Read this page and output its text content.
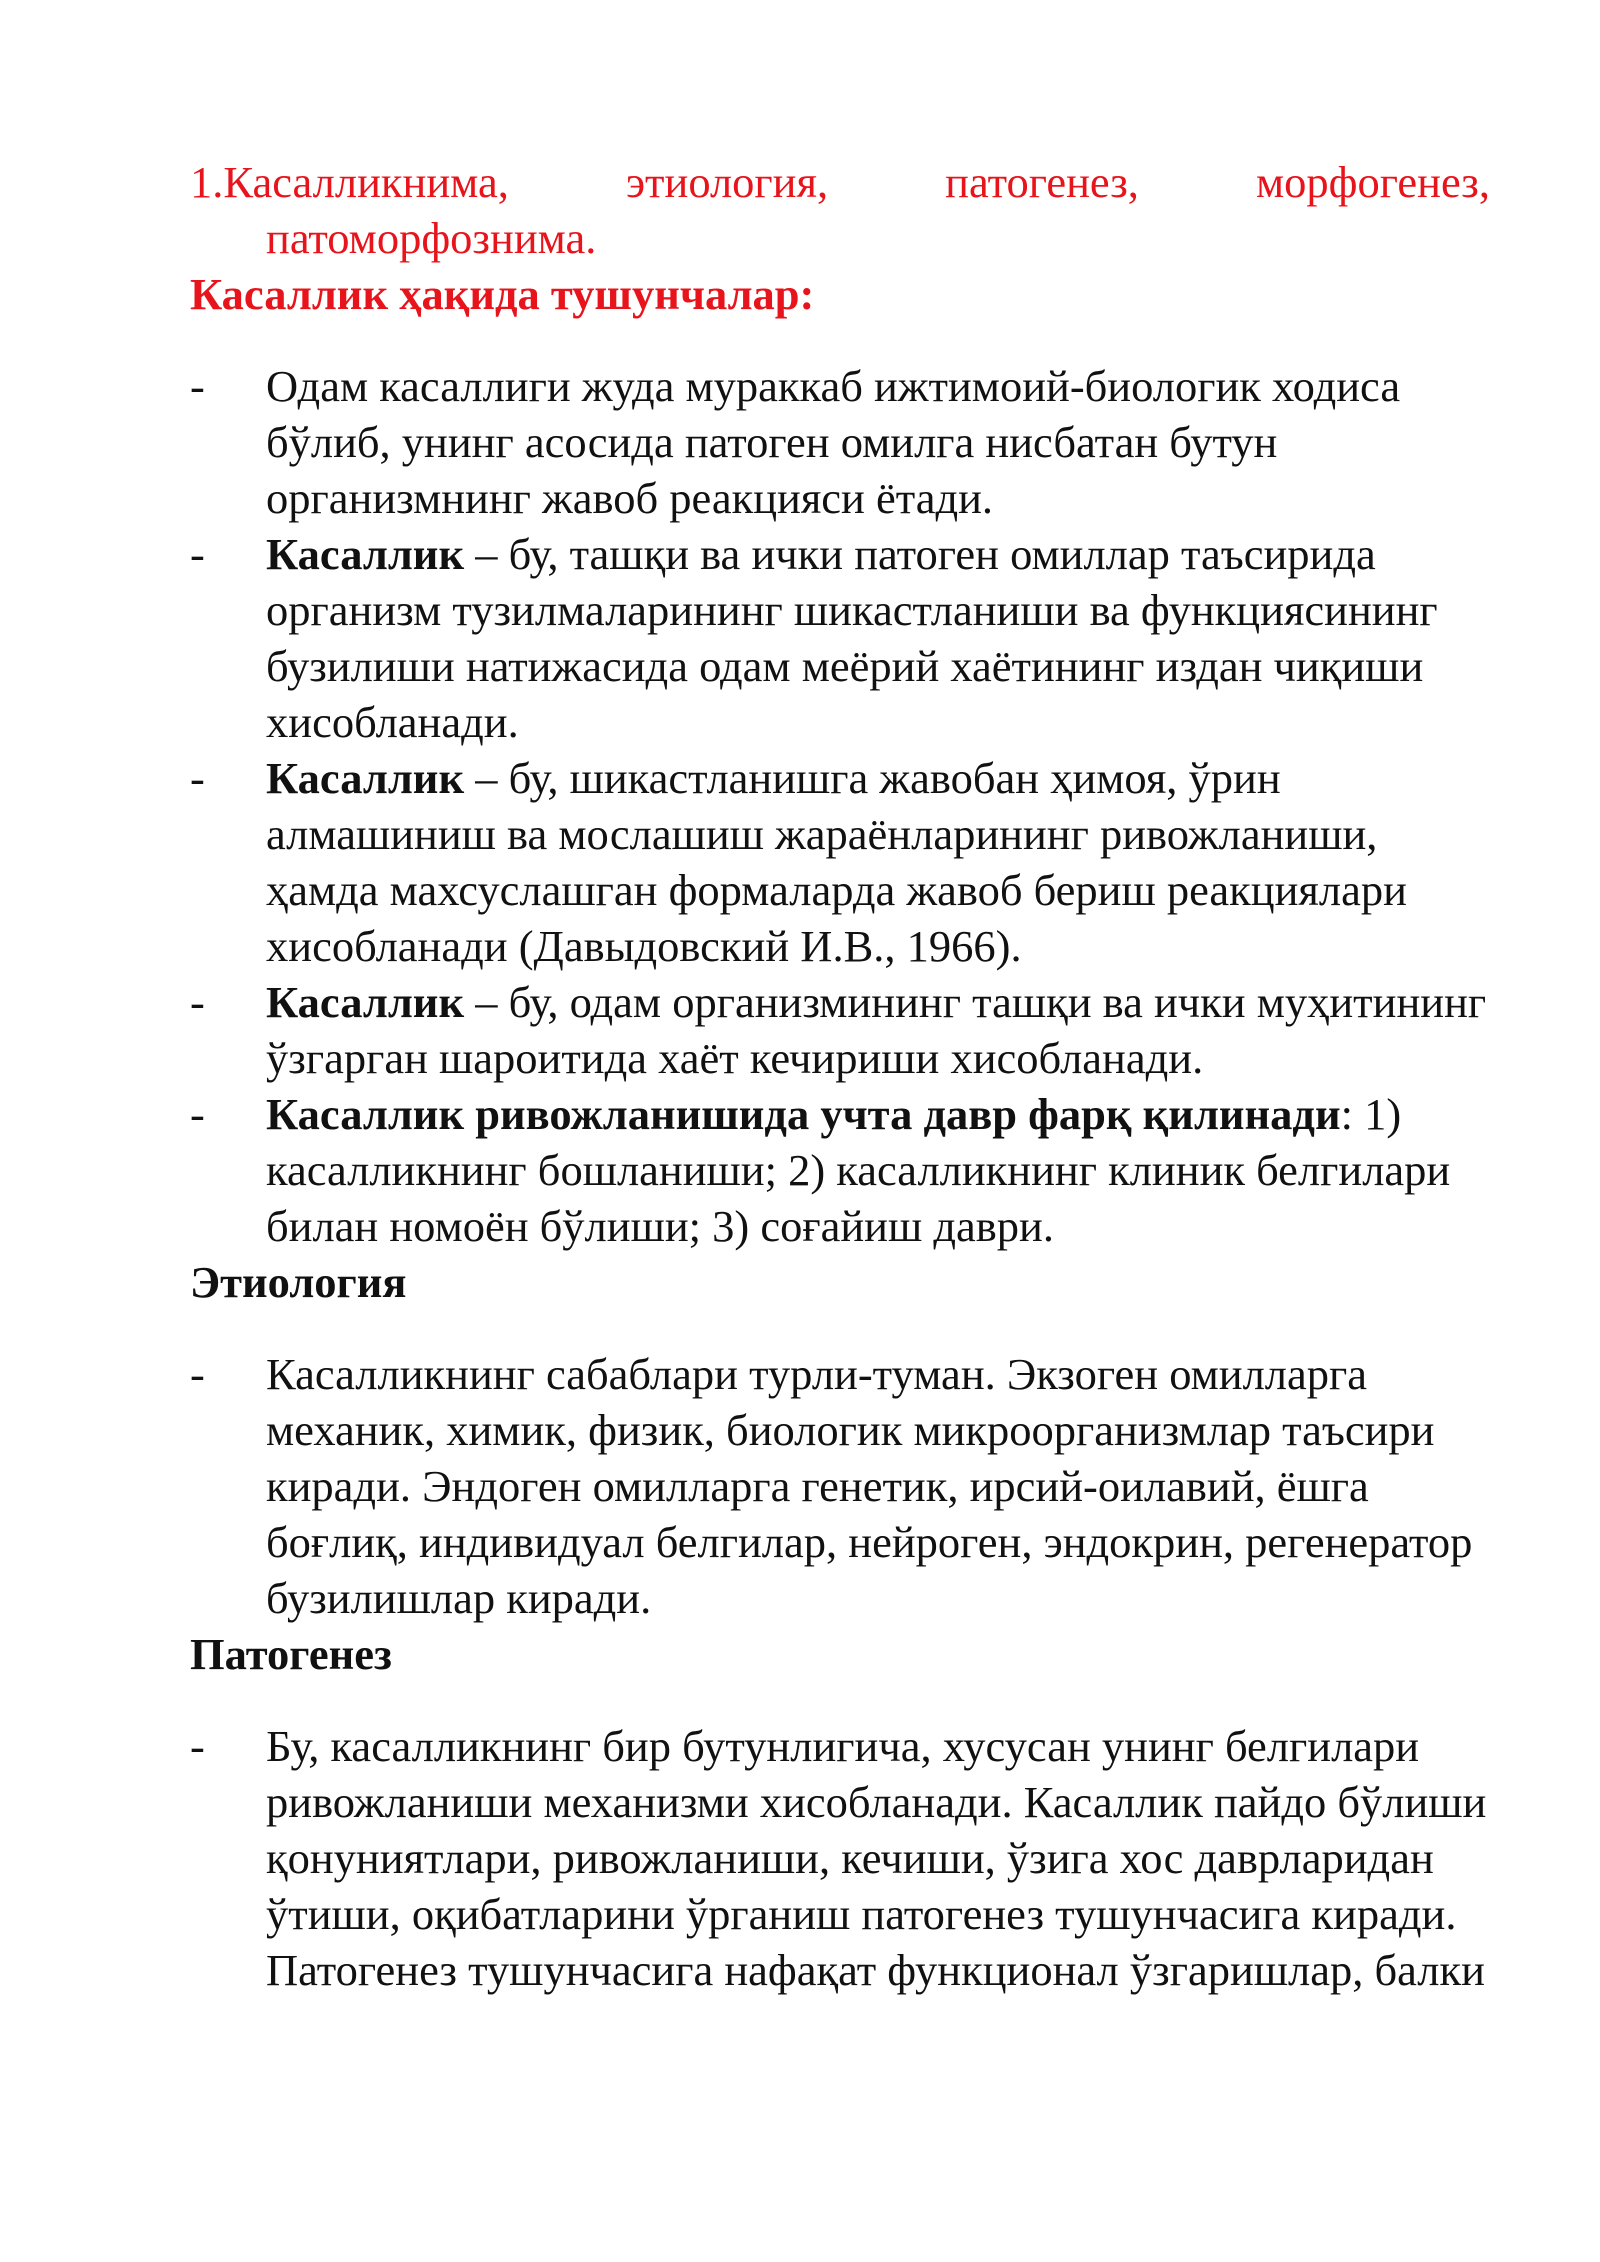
1.Касалликнима,	этиология,	патогенез,	морфогенез,
патоморфознима.
Касаллик ҳақида тушунчалар:
-	Одам касаллиги жуда мураккаб ижтимоий-биологик ходиса бўлиб, унинг асосида патоген омилга нисбатан бутун организмнинг жавоб реакцияси ётади.
-	Касаллик – бу, ташқи ва ички патоген омиллар таъсирида организм тузилмаларининг шикастланиши ва функциясининг бузилиши натижасида одам меёрий хаётининг издан чиқиши хисобланади.
-	Касаллик – бу, шикастланишга жавобан ҳимоя, ўрин алмашиниш ва мослашиш жараёнларининг ривожланиши, ҳамда махсуслашган формаларда жавоб бериш реакциялари хисобланади (Давыдовский И.В., 1966).
-	Касаллик – бу, одам организмининг ташқи ва ички муҳитининг ўзгарган шароитида хаёт кечириши хисобланади.
-	Касаллик ривожланишида учта давр фарқ қилинади: 1) касалликнинг бошланиши; 2) касалликнинг клиник белгилари билан номоён бўлиши; 3) соғайиш даври.
Этиология
-	Касалликнинг сабаблари турли-туман. Экзоген омилларга механик, химик, физик, биологик микроорганизмлар таъсири киради. Эндоген омилларга генетик, ирсий-оилавий, ёшга боғлиқ, индивидуал белгилар, нейроген, эндокрин, регенератор бузилишлар киради.
Патогенез
-	Бу, касалликнинг бир бутунлигича, хусусан унинг белгилари ривожланиши механизми хисобланади. Касаллик пайдо бўлиши қонуниятлари, ривожланиши, кечиши, ўзига хос даврларидан ўтиши, оқибатларини ўрганиш патогенез тушунчасига киради. Патогенез тушунчасига нафақат функционал ўзгаришлар, балки
